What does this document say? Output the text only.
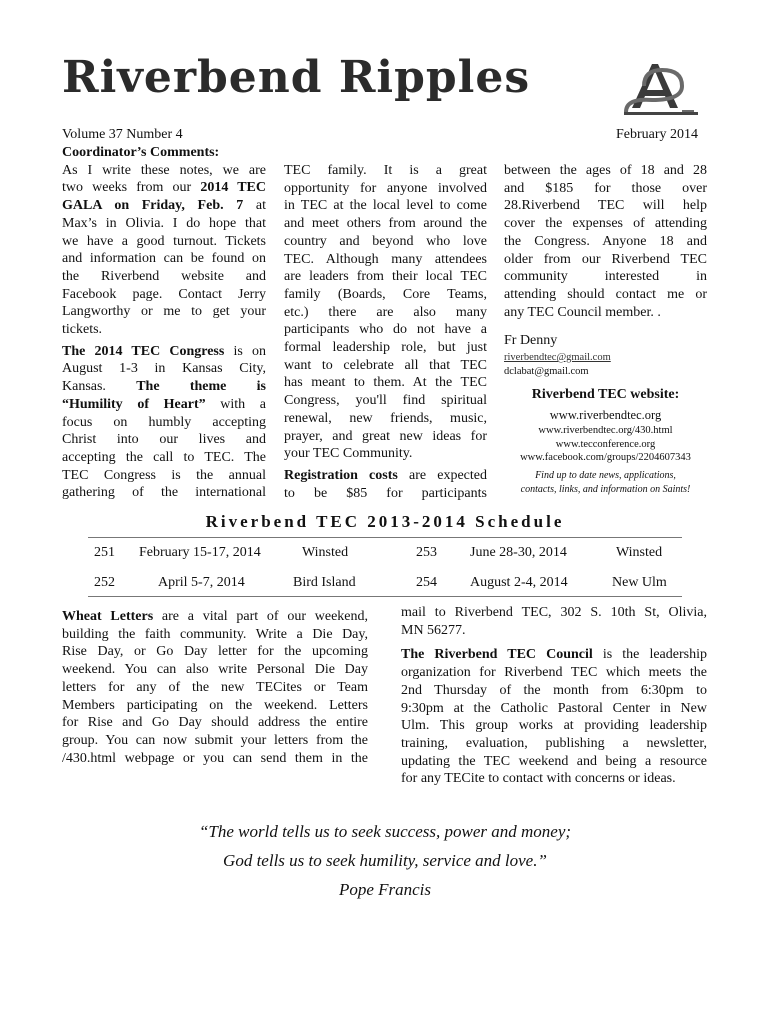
Riverbend Ripples
Volume 37 Number 4	February 2014
Coordinator’s Comments:
As I write these notes, we are
two weeks from our 2014 TEC
GALA on Friday, Feb. 7 at
Max’s in Olivia. I do hope that
we have a good turnout. Tickets
and information can be found on
the Riverbend website and
Facebook page. Contact Jerry
Langworthy or me to get your
tickets.
The 2014 TEC Congress is on
August 1-3 in Kansas City,
Kansas. The theme is
“Humility of Heart” with a
focus on humbly accepting
Christ into our lives and
accepting the call to TEC. The
TEC Congress is the annual
gathering of the international
TEC family. It is a great
opportunity for anyone involved
in TEC at the local level to come
and meet others from around the
country and beyond who love
TEC. Although many attendees
are leaders from their local TEC
family (Boards, Core Teams,
etc.) there are also many
participants who do not have a
formal leadership role, but just
want to celebrate all that TEC
has meant to them. At the TEC
Congress, you'll find spiritual
renewal, new friends, music,
prayer, and great new ideas for
your TEC Community.
Registration costs are expected
to be $85 for participants
between the ages of 18 and 28
and $185 for those over
28.Riverbend TEC will help
cover the expenses of attending
the Congress. Anyone 18 and
older from our Riverbend TEC
community interested in
attending should contact me or
any TEC Council member. .
Fr Denny
riverbendtec@gmail.com
dclabat@gmail.com
Riverbend TEC website:
www.riverbendtec.org
www.riverbendtec.org/430.html
www.tecconference.org
www.facebook.com/groups/2204607343
Find up to date news, applications,
contacts, links, and information on Saints!
Riverbend TEC 2013-2014 Schedule
251 February 15-17, 2014	Winsted	253 June 28-30, 2014	Winsted
252	April 5-7, 2014	Bird Island	254 August 2-4, 2014	New Ulm
Wheat Letters are a vital part of our weekend,
building the faith community. Write a Die Day,
Rise Day, or Go Day letter for the upcoming
weekend. You can also write Personal Die Day
letters for any of the new TECites or Team
Members participating on the weekend. Letters
for Rise and Go Day should address the entire
group. You can now submit your letters from the
/430.html webpage or you can send them in the
mail to Riverbend TEC, 302 S. 10th St, Olivia,
MN 56277.
The Riverbend TEC Council is the leadership
organization for Riverbend TEC which meets the
2nd Thursday of the month from 6:30pm to
9:30pm at the Catholic Pastoral Center in New
Ulm. This group works at providing leadership
training, evaluation, publishing a newsletter,
updating the TEC weekend and being a resource
for any TECite to contact with concerns or ideas.
“The world tells us to seek success, power and money;
God tells us to seek humility, service and love.”
Pope Francis
